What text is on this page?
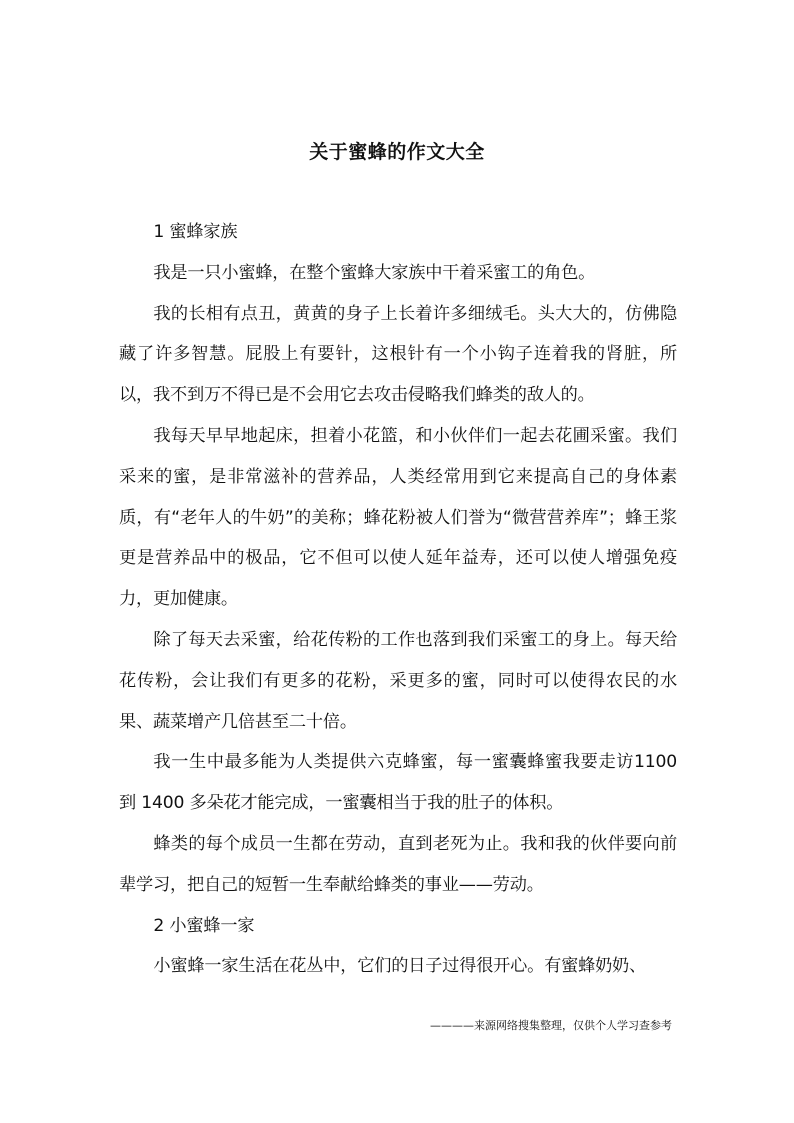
关于蜜蜂的作文大全

1 蜜蜂家族

我是一只小蜜蜂，在整个蜜蜂大家族中干着采蜜工的角色。

我的长相有点丑，黄黄的身子上长着许多细绒毛。头大大的，仿佛隐藏了许多智慧。屁股上有要针，这根针有一个小钩子连着我的肾脏，所以，我不到万不得已是不会用它去攻击侵略我们蜂类的敌人的。

我每天早早地起床，担着小花篮，和小伙伴们一起去花圃采蜜。我们采来的蜜，是非常滋补的营养品，人类经常用到它来提高自己的身体素质，有“老年人的牛奶”的美称；蜂花粉被人们誉为“微营营养库”；蜂王浆更是营养品中的极品，它不但可以使人延年益寿，还可以使人增强免疫力，更加健康。

除了每天去采蜜，给花传粉的工作也落到我们采蜜工的身上。每天给花传粉，会让我们有更多的花粉，采更多的蜜，同时可以使得农民的水果、蔬菜增产几倍甚至二十倍。

我一生中最多能为人类提供六克蜂蜜，每一蜜囊蜂蜜我要走访1100 到 1400 多朵花才能完成，一蜜囊相当于我的肚子的体积。

蜂类的每个成员一生都在劳动，直到老死为止。我和我的伙伴要向前辈学习，把自己的短暂一生奉献给蜂类的事业——劳动。

2 小蜜蜂一家

小蜜蜂一家生活在花丛中，它们的日子过得很开心。有蜜蜂奶奶、

————来源网络搜集整理，仅供个人学习查参考
